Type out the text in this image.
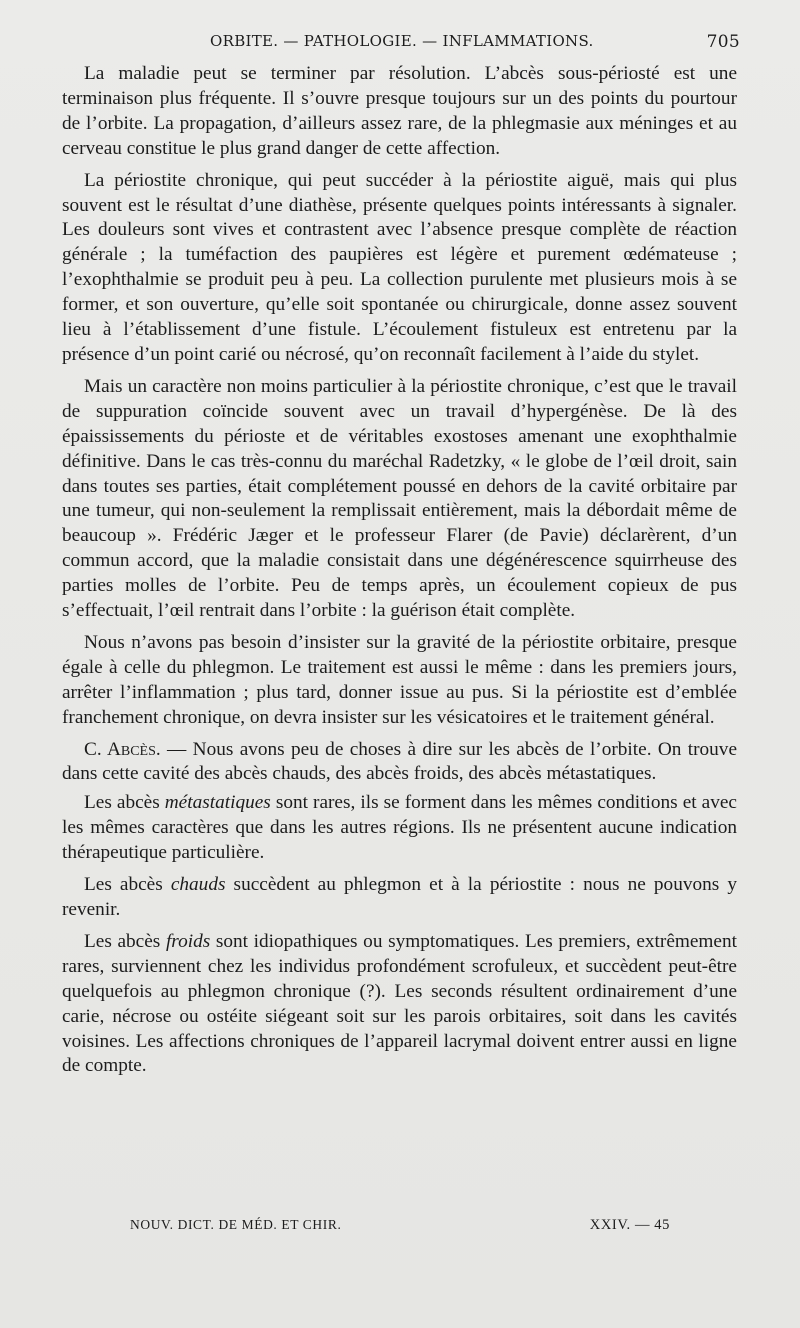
ORBITE. — PATHOLOGIE. — INFLAMMATIONS.	705

La maladie peut se terminer par résolution. L’abcès sous-périosté est une terminaison plus fréquente. Il s’ouvre presque toujours sur un des points du pourtour de l’orbite. La propagation, d’ailleurs assez rare, de la phlegmasie aux méninges et au cerveau constitue le plus grand danger de cette affection.

La périostite chronique, qui peut succéder à la périostite aiguë, mais qui plus souvent est le résultat d’une diathèse, présente quelques points intéressants à signaler. Les douleurs sont vives et contrastent avec l’absence presque complète de réaction générale ; la tuméfaction des paupières est légère et purement œdémateuse ; l’exophthalmie se produit peu à peu. La collection purulente met plusieurs mois à se former, et son ouverture, qu’elle soit spontanée ou chirurgicale, donne assez souvent lieu à l’établissement d’une fistule. L’écoulement fistuleux est entretenu par la présence d’un point carié ou nécrosé, qu’on reconnaît facilement à l’aide du stylet.

Mais un caractère non moins particulier à la périostite chronique, c’est que le travail de suppuration coïncide souvent avec un travail d’hypergénèse. De là des épaississements du périoste et de véritables exostoses amenant une exophthalmie définitive. Dans le cas très-connu du maréchal Radetzky, « le globe de l’œil droit, sain dans toutes ses parties, était complétement poussé en dehors de la cavité orbitaire par une tumeur, qui non-seulement la remplissait entièrement, mais la débordait même de beaucoup ». Frédéric Jæger et le professeur Flarer (de Pavie) déclarèrent, d’un commun accord, que la maladie consistait dans une dégénérescence squirrheuse des parties molles de l’orbite. Peu de temps après, un écoulement copieux de pus s’effectuait, l’œil rentrait dans l’orbite : la guérison était complète.

Nous n’avons pas besoin d’insister sur la gravité de la périostite orbitaire, presque égale à celle du phlegmon. Le traitement est aussi le même : dans les premiers jours, arrêter l’inflammation ; plus tard, donner issue au pus. Si la périostite est d’emblée franchement chronique, on devra insister sur les vésicatoires et le traitement général.

C. Abcès. — Nous avons peu de choses à dire sur les abcès de l’orbite. On trouve dans cette cavité des abcès chauds, des abcès froids, des abcès métastatiques.

Les abcès métastatiques sont rares, ils se forment dans les mêmes conditions et avec les mêmes caractères que dans les autres régions. Ils ne présentent aucune indication thérapeutique particulière.

Les abcès chauds succèdent au phlegmon et à la périostite : nous ne pouvons y revenir.

Les abcès froids sont idiopathiques ou symptomatiques. Les premiers, extrêmement rares, surviennent chez les individus profondément scrofuleux, et succèdent peut-être quelquefois au phlegmon chronique (?). Les seconds résultent ordinairement d’une carie, nécrose ou ostéite siégeant soit sur les parois orbitaires, soit dans les cavités voisines. Les affections chroniques de l’appareil lacrymal doivent entrer aussi en ligne de compte.

NOUV. DICT. DE MÉD. ET CHIR.	XXIV. — 45
